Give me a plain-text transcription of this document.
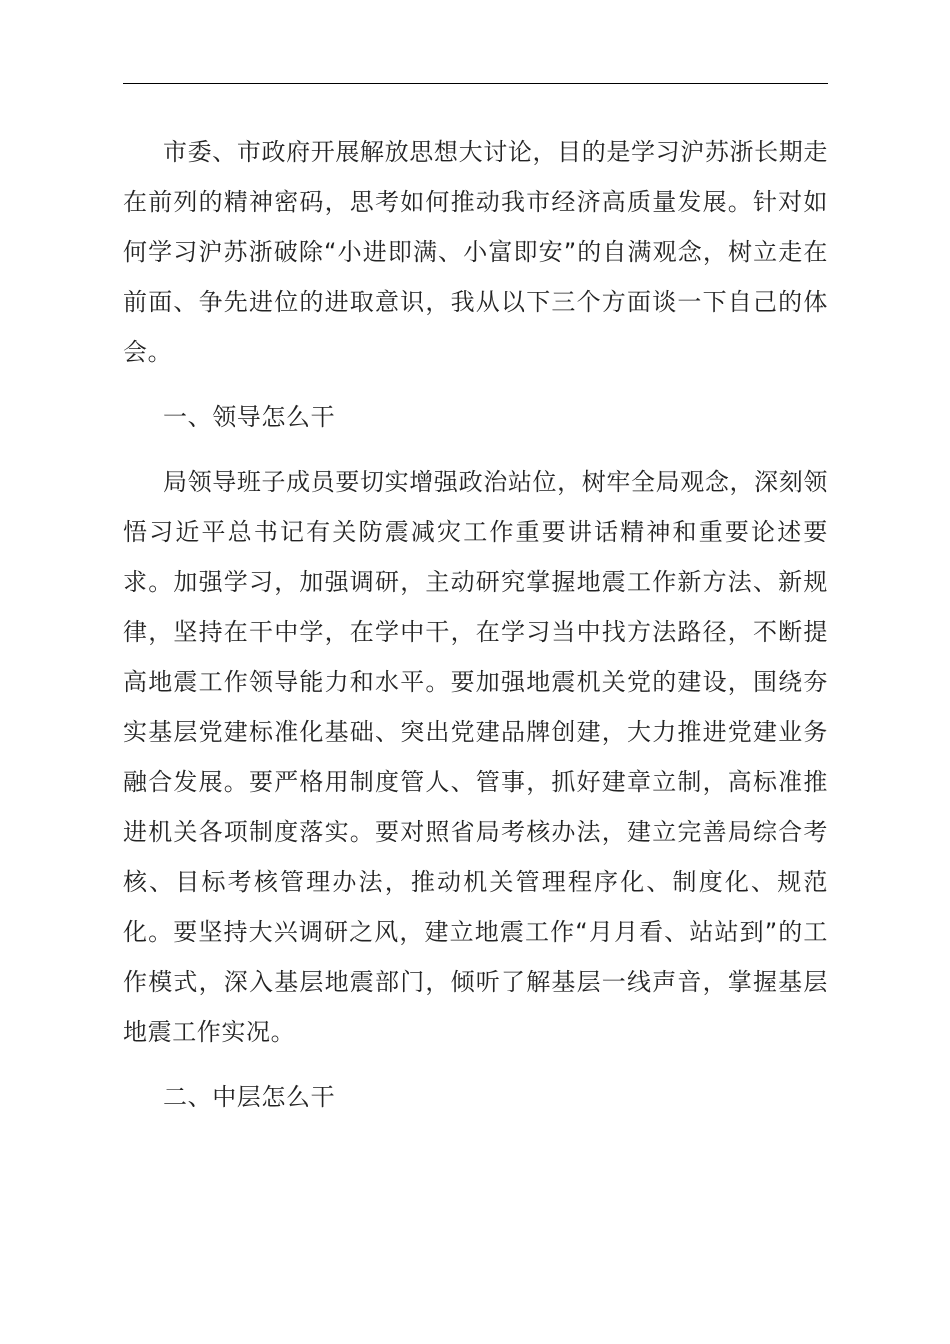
市委、市政府开展解放思想大讨论，目的是学习沪苏浙长期走在前列的精神密码，思考如何推动我市经济高质量发展。针对如何学习沪苏浙破除“小进即满、小富即安”的自满观念，树立走在前面、争先进位的进取意识，我从以下三个方面谈一下自己的体会。

一、领导怎么干

局领导班子成员要切实增强政治站位，树牢全局观念，深刻领悟习近平总书记有关防震减灾工作重要讲话精神和重要论述要求。加强学习，加强调研，主动研究掌握地震工作新方法、新规律，坚持在干中学，在学中干，在学习当中找方法路径，不断提高地震工作领导能力和水平。要加强地震机关党的建设，围绕夯实基层党建标准化基础、突出党建品牌创建，大力推进党建业务融合发展。要严格用制度管人、管事，抓好建章立制，高标准推进机关各项制度落实。要对照省局考核办法，建立完善局综合考核、目标考核管理办法，推动机关管理程序化、制度化、规范化。要坚持大兴调研之风，建立地震工作“月月看、站站到”的工作模式，深入基层地震部门，倾听了解基层一线声音，掌握基层地震工作实况。

二、中层怎么干
